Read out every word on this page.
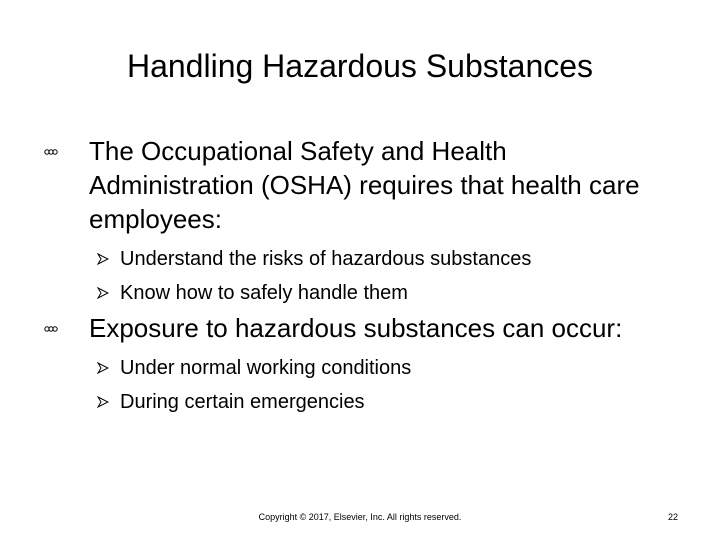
Handling Hazardous Substances
The Occupational Safety and Health Administration (OSHA) requires that health care employees:
Understand the risks of hazardous substances
Know how to safely handle them
Exposure to hazardous substances can occur:
Under normal working conditions
During certain emergencies
Copyright © 2017, Elsevier, Inc. All rights reserved.	22
